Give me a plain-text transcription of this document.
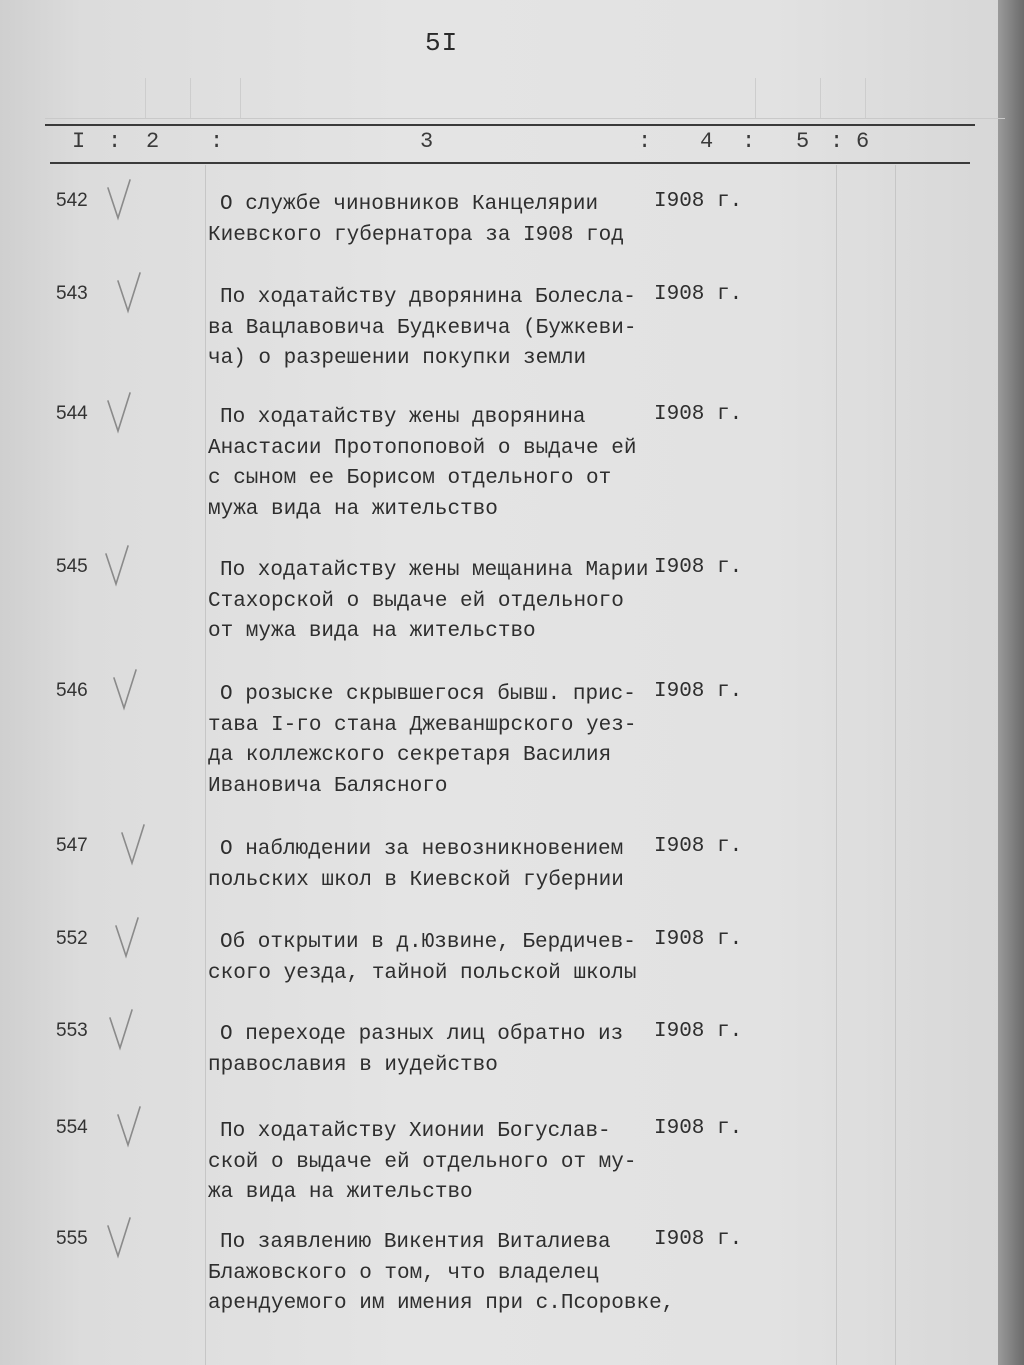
5I
I : 2 :	3	: 4 : 5 : 6
542	О службе чиновников Канцелярии
Киевского губернатора за I908 год
I908 г.
543	По ходатайству дворянина Болесла-
ва Вацлавовича Будкевича (Бужкеви-
ча) о разрешении покупки земли
I908 г.
544	По ходатайству жены дворянина
Анастасии Протопоповой о выдаче ей
с сыном ее Борисом отдельного от
мужа вида на жительство
I908 г.
545	По ходатайству жены мещанина Марии
Стахорской о выдаче ей отдельного
от мужа вида на жительство
I908 г.
546	О розыске скрывшегося бывш. прис-
тава I-го стана Джеваншрского уез-
да коллежского секретаря Василия
Ивановича Балясного
I908 г.
547	О наблюдении за невозникновением
польских школ в Киевской губернии
I908 г.
552	Об открытии в д.Юзвине, Бердичев-
ского уезда, тайной польской школы
I908 г.
553	О переходе разных лиц обратно из
православия в иудейство
I908 г.
554	По ходатайству Хионии Богуслав-
ской о выдаче ей отдельного от му-
жа вида на жительство
I908 г.
555	По заявлению Викентия Виталиева
Блажовского о том, что владелец
арендуемого им имения при с.Псоровке,
I908 г.
